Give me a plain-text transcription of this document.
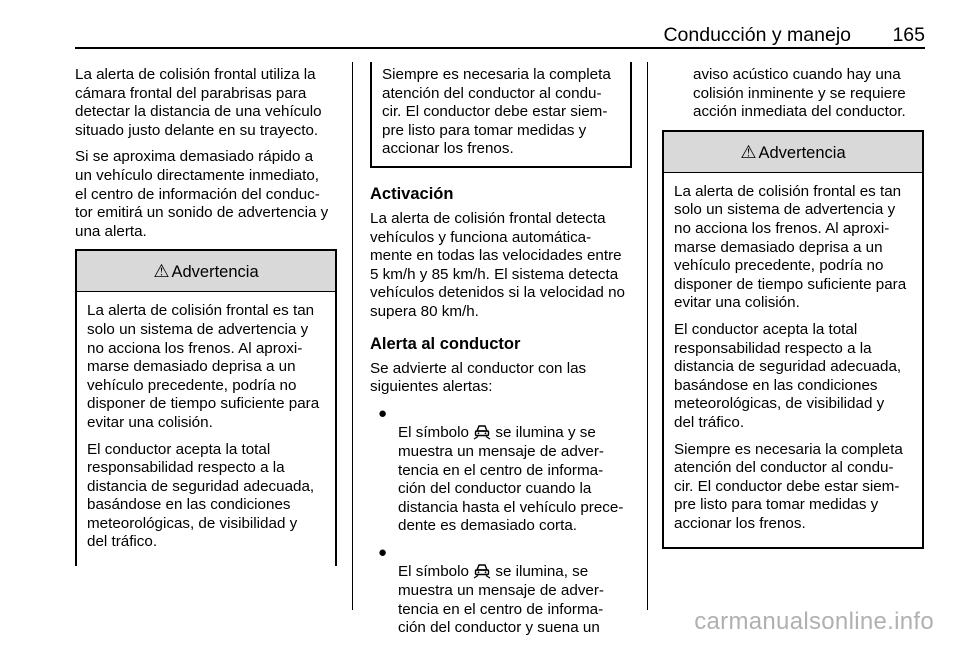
Conducción y manejo 165

La alerta de colisión frontal utiliza la
cámara frontal del parabrisas para
detectar la distancia de una vehículo
situado justo delante en su trayecto.

Si se aproxima demasiado rápido a
un vehículo directamente inmediato,
el centro de información del conduc-
tor emitirá un sonido de advertencia y
una alerta.

⚠ Advertencia

La alerta de colisión frontal es tan
solo un sistema de advertencia y
no acciona los frenos. Al aproxi-
marse demasiado deprisa a un
vehículo precedente, podría no
disponer de tiempo suficiente para
evitar una colisión.

El conductor acepta la total
responsabilidad respecto a la
distancia de seguridad adecuada,
basándose en las condiciones
meteorológicas, de visibilidad y
del tráfico.

Siempre es necesaria la completa
atención del conductor al condu-
cir. El conductor debe estar siem-
pre listo para tomar medidas y
accionar los frenos.

Activación

La alerta de colisión frontal detecta
vehículos y funciona automática-
mente en todas las velocidades entre
5 km/h y 85 km/h. El sistema detecta
vehículos detenidos si la velocidad no
supera 80 km/h.

Alerta al conductor

Se advierte al conductor con las
siguientes alertas:

●
El símbolo  se ilumina y se
muestra un mensaje de adver-
tencia en el centro de informa-
ción del conductor cuando la
distancia hasta el vehículo prece-
dente es demasiado corta.

●
El símbolo  se ilumina, se
muestra un mensaje de adver-
tencia en el centro de informa-
ción del conductor y suena un

aviso acústico cuando hay una
colisión inminente y se requiere
acción inmediata del conductor.

⚠ Advertencia

La alerta de colisión frontal es tan
solo un sistema de advertencia y
no acciona los frenos. Al aproxi-
marse demasiado deprisa a un
vehículo precedente, podría no
disponer de tiempo suficiente para
evitar una colisión.

El conductor acepta la total
responsabilidad respecto a la
distancia de seguridad adecuada,
basándose en las condiciones
meteorológicas, de visibilidad y
del tráfico.

Siempre es necesaria la completa
atención del conductor al condu-
cir. El conductor debe estar siem-
pre listo para tomar medidas y
accionar los frenos.

carmanualsonline.info
